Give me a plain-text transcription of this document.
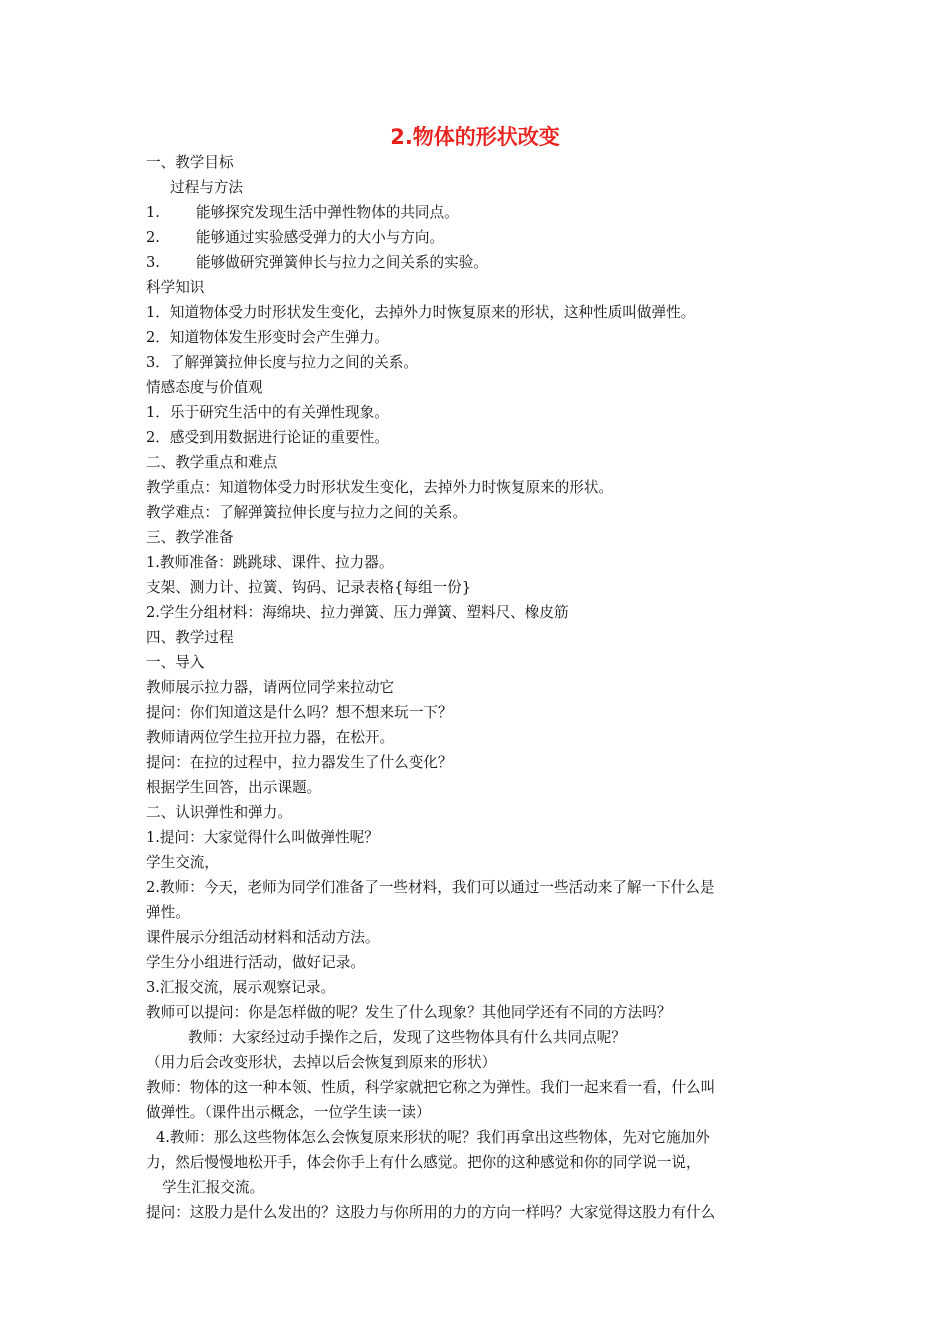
2.物体的形状改变
一、教学目标
过程与方法
1. 能够探究发现生活中弹性物体的共同点。
2. 能够通过实验感受弹力的大小与方向。
3. 能够做研究弹簧伸长与拉力之间关系的实验。
科学知识
1．知道物体受力时形状发生变化，去掉外力时恢复原来的形状，这种性质叫做弹性。
2．知道物体发生形变时会产生弹力。
3．了解弹簧拉伸长度与拉力之间的关系。
情感态度与价值观
1．乐于研究生活中的有关弹性现象。
2．感受到用数据进行论证的重要性。
二、教学重点和难点
教学重点：知道物体受力时形状发生变化，去掉外力时恢复原来的形状。
教学难点：了解弹簧拉伸长度与拉力之间的关系。
三、教学准备
1.教师准备：跳跳球、课件、拉力器。
支架、测力计、拉簧、钩码、记录表格{每组一份}
2.学生分组材料：海绵块、拉力弹簧、压力弹簧、塑料尺、橡皮筋
四、教学过程
一、导入
教师展示拉力器，请两位同学来拉动它
提问：你们知道这是什么吗？想不想来玩一下？
教师请两位学生拉开拉力器，在松开。
提问：在拉的过程中，拉力器发生了什么变化？
根据学生回答，出示课题。
二、认识弹性和弹力。
1.提问：大家觉得什么叫做弹性呢？
学生交流，
2.教师：今天，老师为同学们准备了一些材料，我们可以通过一些活动来了解一下什么是
弹性。
课件展示分组活动材料和活动方法。
学生分小组进行活动，做好记录。
3.汇报交流，展示观察记录。
教师可以提问：你是怎样做的呢？发生了什么现象？其他同学还有不同的方法吗？
教师：大家经过动手操作之后，发现了这些物体具有什么共同点呢？
（用力后会改变形状，去掉以后会恢复到原来的形状）
教师：物体的这一种本领、性质，科学家就把它称之为弹性。我们一起来看一看，什么叫
做弹性。（课件出示概念，一位学生读一读）
4.教师：那么这些物体怎么会恢复原来形状的呢？我们再拿出这些物体，先对它施加外
力，然后慢慢地松开手，体会你手上有什么感觉。把你的这种感觉和你的同学说一说，
学生汇报交流。
提问：这股力是什么发出的？这股力与你所用的力的方向一样吗？大家觉得这股力有什么
